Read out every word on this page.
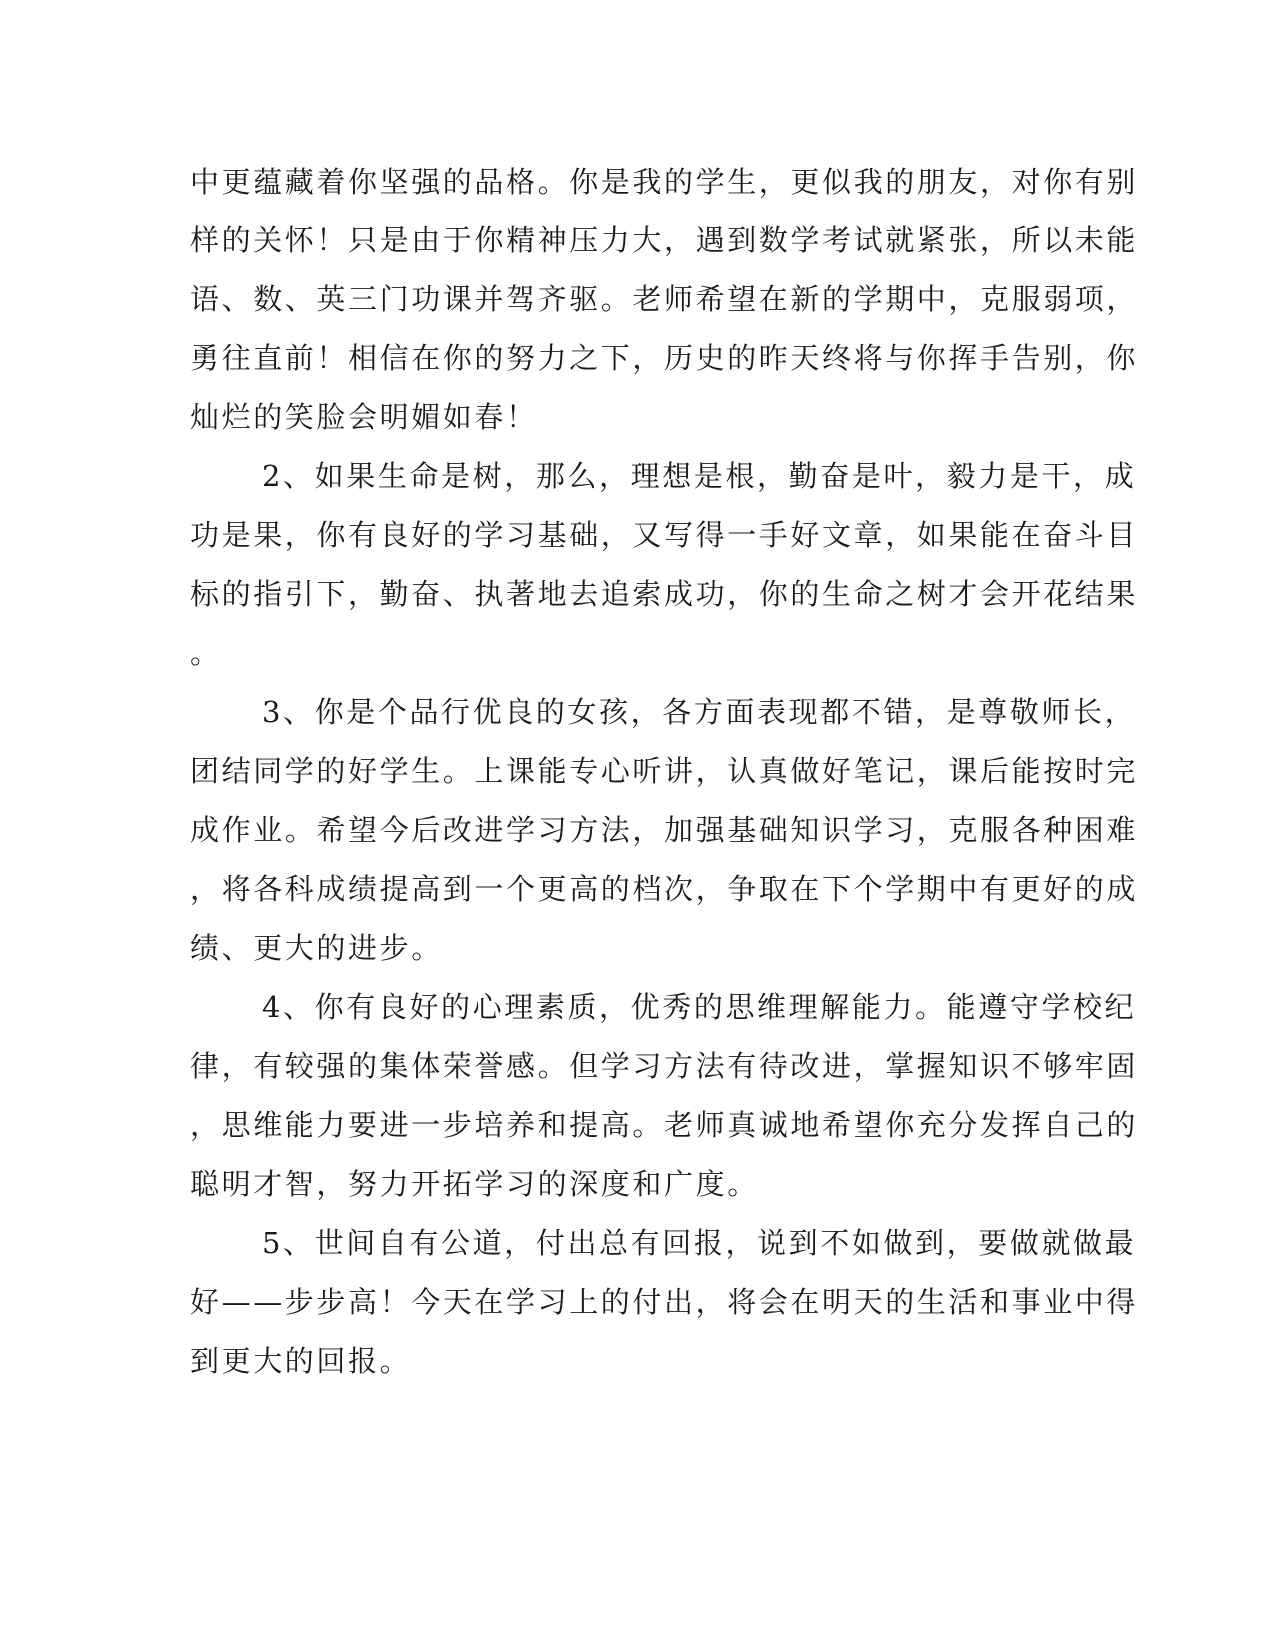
中更蕴藏着你坚强的品格。你是我的学生，更似我的朋友，对你有别
样的关怀！只是由于你精神压力大，遇到数学考试就紧张，所以未能
语、数、英三门功课并驾齐驱。老师希望在新的学期中，克服弱项，
勇往直前！相信在你的努力之下，历史的昨天终将与你挥手告别，你
灿烂的笑脸会明媚如春！
2、如果生命是树，那么，理想是根，勤奋是叶，毅力是干，成
功是果，你有良好的学习基础，又写得一手好文章，如果能在奋斗目
标的指引下，勤奋、执著地去追索成功，你的生命之树才会开花结果
。
3、你是个品行优良的女孩，各方面表现都不错，是尊敬师长，
团结同学的好学生。上课能专心听讲，认真做好笔记，课后能按时完
成作业。希望今后改进学习方法，加强基础知识学习，克服各种困难
，将各科成绩提高到一个更高的档次，争取在下个学期中有更好的成
绩、更大的进步。
4、你有良好的心理素质，优秀的思维理解能力。能遵守学校纪
律，有较强的集体荣誉感。但学习方法有待改进，掌握知识不够牢固
，思维能力要进一步培养和提高。老师真诚地希望你充分发挥自己的
聪明才智，努力开拓学习的深度和广度。
5、世间自有公道，付出总有回报，说到不如做到，要做就做最
好——步步高！今天在学习上的付出，将会在明天的生活和事业中得
到更大的回报。
